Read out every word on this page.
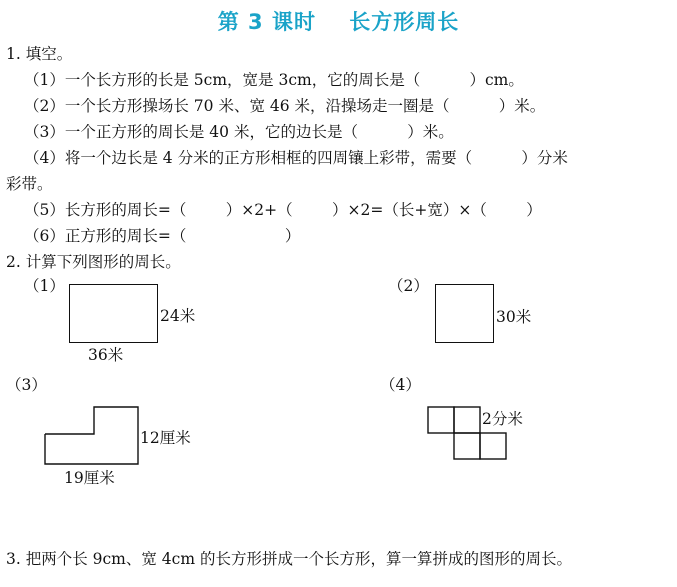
第 3 课时    长方形周长
1. 填空。
（1）一个长方形的长是 5cm，宽是 3cm，它的周长是（          ）cm。
（2）一个长方形操场长 70 米、宽 46 米，沿操场走一圈是（          ）米。
（3）一个正方形的周长是 40 米，它的边长是（          ）米。
（4）将一个边长是 4 分米的正方形相框的四周镶上彩带，需要（          ）分米
彩带。
（5）长方形的周长=（        ）×2+（        ）×2=（长+宽）×（        ）
（6）正方形的周长=（                    ）
2. 计算下列图形的周长。
（1）
24米
36米
（2）
30米
（3）
12厘米
19厘米
（4）
2分米
3. 把两个长 9cm、宽 4cm 的长方形拼成一个长方形，算一算拼成的图形的周长。
